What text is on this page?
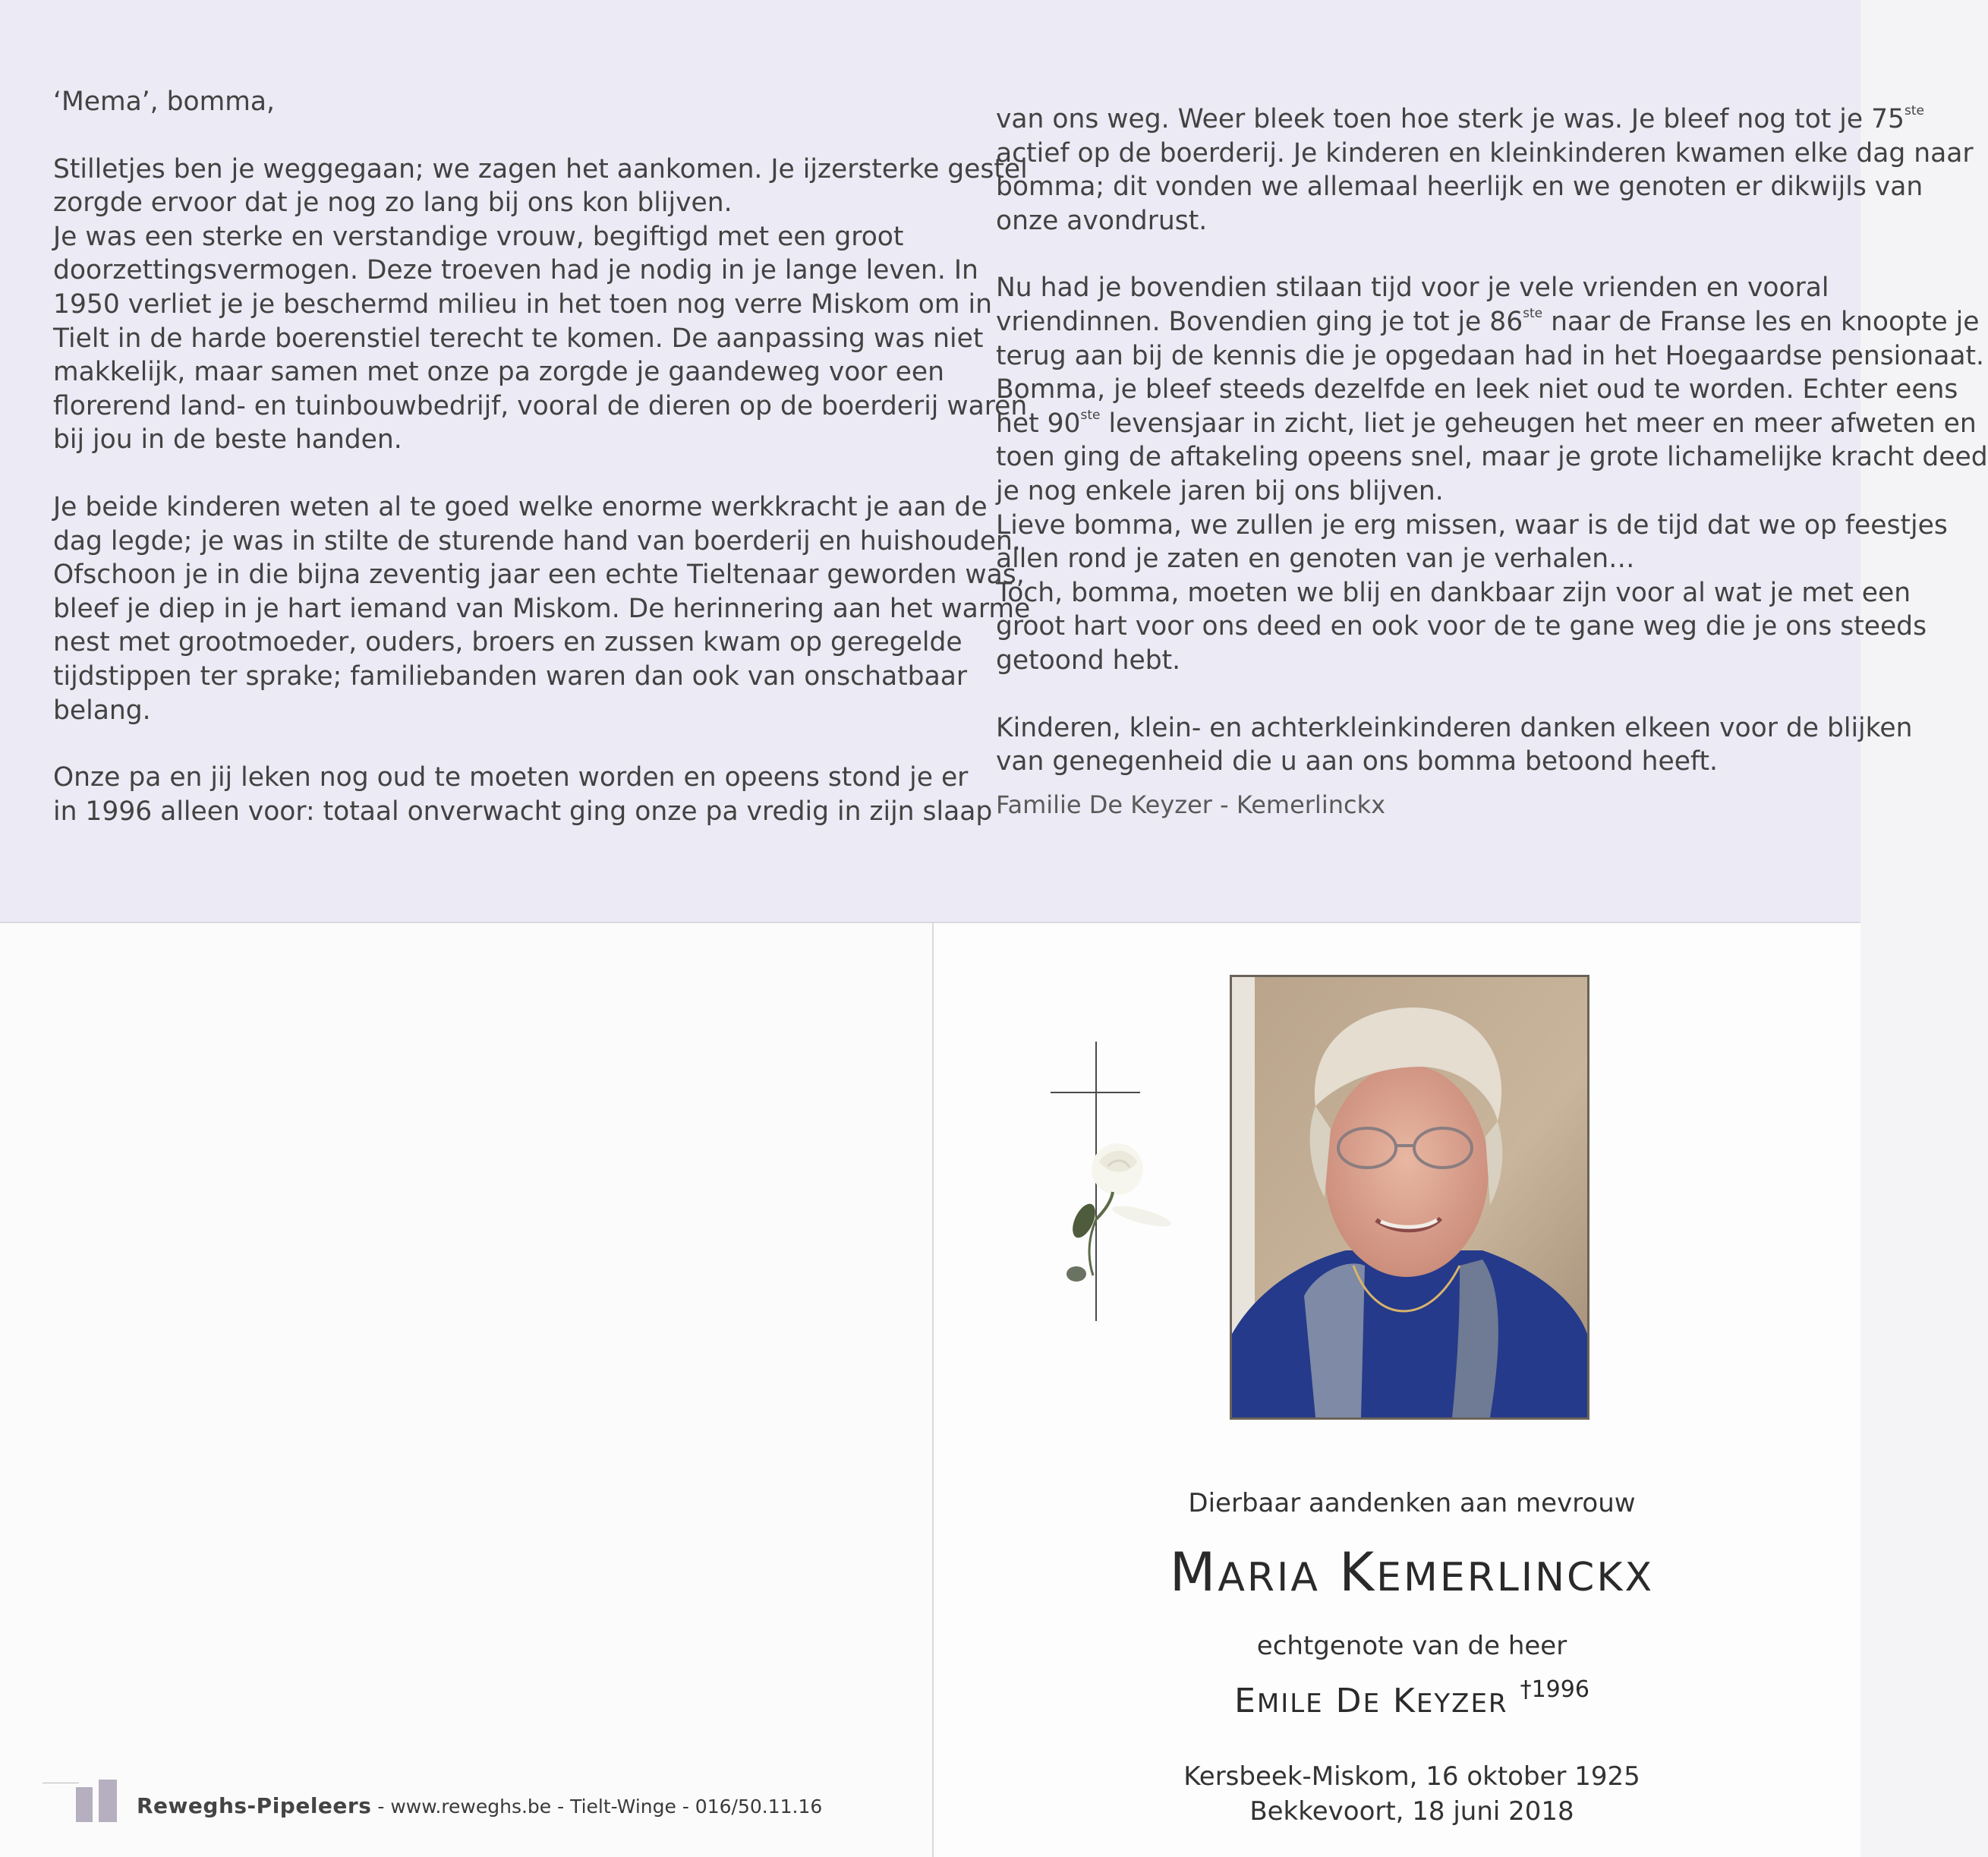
‘Mema’, bomma,

Stilletjes ben je weggegaan; we zagen het aankomen. Je ijzersterke gestel

zorgde ervoor dat je nog zo lang bij ons kon blijven.

Je was een sterke en verstandige vrouw, begiftigd met een groot

doorzettingsvermogen. Deze troeven had je nodig in je lange leven. In

1950 verliet je je beschermd milieu in het toen nog verre Miskom om in

Tielt in de harde boerenstiel terecht te komen. De aanpassing was niet

makkelijk, maar samen met onze pa zorgde je gaandeweg voor een

florerend land- en tuinbouwbedrijf, vooral de dieren op de boerderij waren

bij jou in de beste handen.

Je beide kinderen weten al te goed welke enorme werkkracht je aan de

dag legde; je was in stilte de sturende hand van boerderij en huishouden.

Ofschoon je in die bijna zeventig jaar een echte Tieltenaar geworden was,

bleef je diep in je hart iemand van Miskom. De herinnering aan het warme

nest met grootmoeder, ouders, broers en zussen kwam op geregelde

tijdstippen ter sprake; familiebanden waren dan ook van onschatbaar

belang.

Onze pa en jij leken nog oud te moeten worden en opeens stond je er

in 1996 alleen voor: totaal onverwacht ging onze pa vredig in zijn slaap

van ons weg. Weer bleek toen hoe sterk je was. Je bleef nog tot je 75ste

actief op de boerderij. Je kinderen en kleinkinderen kwamen elke dag naar

bomma; dit vonden we allemaal heerlijk en we genoten er dikwijls van

onze avondrust.

Nu had je bovendien stilaan tijd voor je vele vrienden en vooral

vriendinnen. Bovendien ging je tot je 86ste naar de Franse les en knoopte je

terug aan bij de kennis die je opgedaan had in het Hoegaardse pensionaat.

Bomma, je bleef steeds dezelfde en leek niet oud te worden. Echter eens

het 90ste levensjaar in zicht, liet je geheugen het meer en meer afweten en

toen ging de aftakeling opeens snel, maar je grote lichamelijke kracht deed

je nog enkele jaren bij ons blijven.

Lieve bomma, we zullen je erg missen, waar is de tijd dat we op feestjes

allen rond je zaten en genoten van je verhalen…

Toch, bomma, moeten we blij en dankbaar zijn voor al wat je met een

groot hart voor ons deed en ook voor de te gane weg die je ons steeds

getoond hebt.

Kinderen, klein- en achterkleinkinderen danken elkeen voor de blijken

van genegenheid die u aan ons bomma betoond heeft.

Familie De Keyzer - Kemerlinckx

Dierbaar aandenken aan mevrouw
MARIA KEMERLINCKX
echtgenote van de heer
EMILE DE KEYZER $^{\dagger 1996}$
Kersbeek-Miskom, 16 oktober 1925
Bekkevoort, 18 juni 2018
Reweghs-Pipeleers - www.reweghs.be - Tielt-Winge - 016/50.11.16
